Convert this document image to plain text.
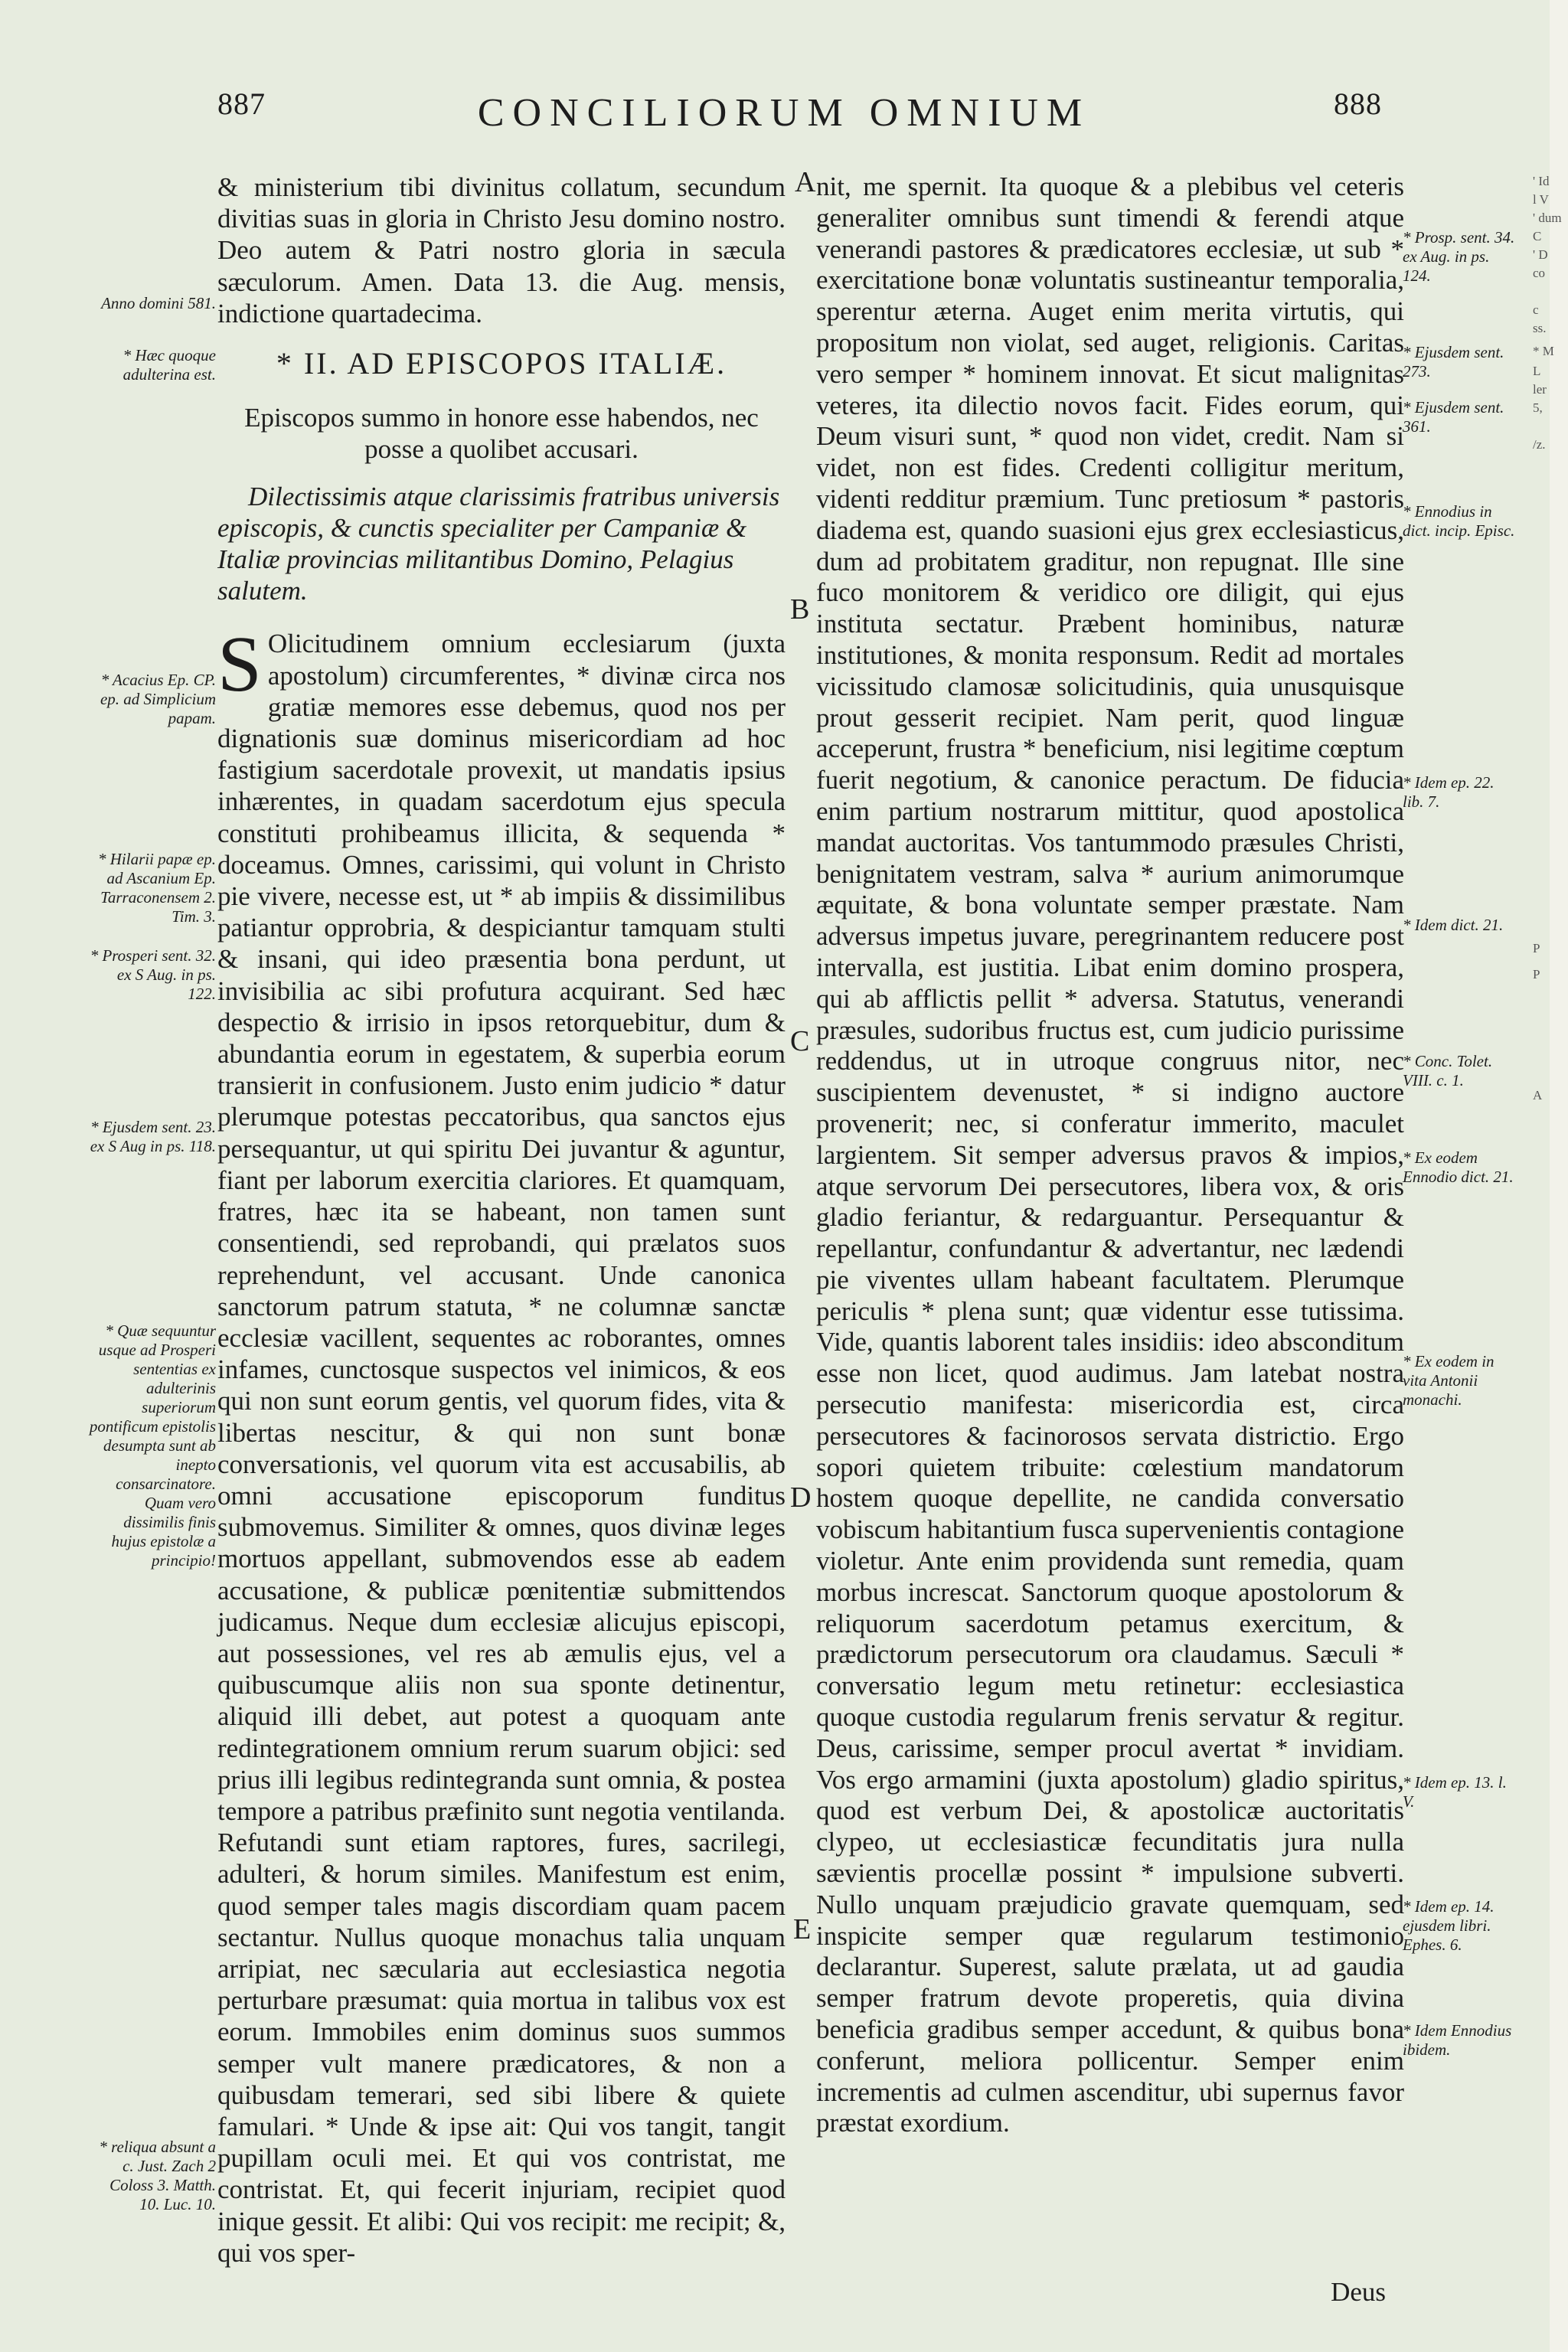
887	CONCILIORUM OMNIUM	888

& ministerium tibi divinitus collatum, secundum divitias suas in gloria in Christo Jesu domino nostro. Deo autem & Patri nostro gloria in sæcula sæculorum. Amen. Data 13. die Aug. mensis, indictione quartadecima.

* II. AD EPISCOPOS ITALIÆ.

Episcopos summo in honore esse habendos, nec posse a quolibet accusari.

Dilectissimis atque clarissimis fratribus universis episcopis, & cunctis specialiter per Campaniæ & Italiæ provincias militantibus Domino, Pelagius salutem.

S Olicitudinem omnium ecclesiarum (juxta apostolum) circumferentes, * divinæ circa nos gratiæ memores esse debemus, quod nos per dignationis suæ dominus misericordiam ad hoc fastigium sacerdotale provexit, ut mandatis ipsius inhærentes, in quadam sacerdotum ejus specula constituti prohibeamus illicita, & sequenda * doceamus. Omnes, carissimi, qui volunt in Christo pie vivere, necesse est, ut * ab impiis & dissimilibus patiantur opprobria, & despiciantur tamquam stulti & insani, qui ideo præsentia bona perdunt, ut invisibilia ac sibi profutura acquirant. Sed hæc despectio & irrisio in ipsos retorquebitur, dum & abundantia eorum in egestatem, & superbia eorum transierit in confusionem. Justo enim judicio * datur plerumque potestas peccatoribus, qua sanctos ejus persequantur, ut qui spiritu Dei juvantur & aguntur, fiant per laborum exercitia clariores. Et quamquam, fratres, hæc ita se habeant, non tamen sunt consentiendi, sed reprobandi, qui prælatos suos reprehendunt, vel accusant. Unde canonica sanctorum patrum statuta, * ne columnæ sanctæ ecclesiæ vacillent, sequentes ac roborantes, omnes infames, cunctosque suspectos vel inimicos, & eos qui non sunt eorum gentis, vel quorum fides, vita & libertas nescitur, & qui non sunt bonæ conversationis, vel quorum vita est accusabilis, ab omni accusatione episcoporum funditus submovemus. Similiter & omnes, quos divinæ leges mortuos appellant, submovendos esse ab eadem accusatione, & publicæ pœnitentiæ submittendos judicamus. Neque dum ecclesiæ alicujus episcopi, aut possessiones, vel res ab æmulis ejus, vel a quibuscumque aliis non sua sponte detinentur, aliquid illi debet, aut potest a quoquam ante redintegrationem omnium rerum suarum objici: sed prius illi legibus redintegranda sunt omnia, & postea tempore a patribus præfinito sunt negotia ventilanda. Refutandi sunt etiam raptores, fures, sacrilegi, adulteri, & horum similes. Manifestum est enim, quod semper tales magis discordiam quam pacem sectantur. Nullus quoque monachus talia unquam arripiat, nec sæcularia aut ecclesiastica negotia perturbare præsumat: quia mortua in talibus vox est eorum. Immobiles enim dominus suos summos semper vult manere prædicatores, & non a quibusdam temerari, sed sibi libere & quiete famulari. * Unde & ipse ait: Qui vos tangit, tangit pupillam oculi mei. Et qui vos contristat, me contristat. Et, qui fecerit injuriam, recipiet quod inique gessit. Et alibi: Qui vos recipit: me recipit; &, qui vos sper-

nit, me spernit. Ita quoque & a plebibus vel ceteris generaliter omnibus sunt timendi & ferendi atque venerandi pastores & prædicatores ecclesiæ, ut sub * exercitatione bonæ voluntatis sustineantur temporalia, sperentur æterna. Auget enim merita virtutis, qui propositum non violat, sed auget, religionis. Caritas vero semper * hominem innovat. Et sicut malignitas veteres, ita dilectio novos facit. Fides eorum, qui Deum visuri sunt, * quod non videt, credit. Nam si videt, non est fides. Credenti colligitur meritum, videnti redditur præmium. Tunc pretiosum * pastoris diadema est, quando suasioni ejus grex ecclesiasticus, dum ad probitatem graditur, non repugnat. Ille sine fuco monitorem & veridico ore diligit, qui ejus instituta sectatur. Præbent hominibus, naturæ institutiones, & monita responsum. Redit ad mortales vicissitudo clamosæ solicitudinis, quia unusquisque prout gesserit recipiet. Nam perit, quod linguæ acceperunt, frustra * beneficium, nisi legitime cœptum fuerit negotium, & canonice peractum. De fiducia enim partium nostrarum mittitur, quod apostolica mandat auctoritas. Vos tantummodo præsules Christi, benignitatem vestram, salva * aurium animorumque æquitate, & bona voluntate semper præstate. Nam adversus impetus juvare, peregrinantem reducere post intervalla, est justitia. Libat enim domino prospera, qui ab afflictis pellit * adversa. Statutus, venerandi præsules, sudoribus fructus est, cum judicio purissime reddendus, ut in utroque congruus nitor, nec suscipientem devenustet, * si indigno auctore provenerit; nec, si conferatur immerito, maculet largientem. Sit semper adversus pravos & impios, atque servorum Dei persecutores, libera vox, & oris gladio feriantur, & redarguantur. Persequantur & repellantur, confundantur & advertantur, nec lædendi pie viventes ullam habeant facultatem. Plerumque periculis * plena sunt; quæ videntur esse tutissima. Vide, quantis laborent tales insidiis: ideo absconditum esse non licet, quod audimus. Jam latebat nostra persecutio manifesta: misericordia est, circa persecutores & facinorosos servata districtio. Ergo sopori quietem tribuite: cœlestium mandatorum hostem quoque depellite, ne candida conversatio vobiscum habitantium fusca supervenientis contagione violetur. Ante enim providenda sunt remedia, quam morbus increscat. Sanctorum quoque apostolorum & reliquorum sacerdotum petamus exercitum, & prædictorum persecutorum ora claudamus. Sæculi * conversatio legum metu retinetur: ecclesiastica quoque custodia regularum frenis servatur & regitur. Deus, carissime, semper procul avertat * invidiam. Vos ergo armamini (juxta apostolum) gladio spiritus, quod est verbum Dei, & apostolicæ auctoritatis clypeo, ut ecclesiasticæ fecunditatis jura nulla sævientis procellæ possint * impulsione subverti. Nullo unquam præjudicio gravate quemquam, sed inspicite semper quæ regularum testimonio declarantur. Superest, salute prælata, ut ad gaudia semper fratrum devote properetis, quia divina beneficia gradibus semper accedunt, & quibus bona conferunt, meliora pollicentur. Semper enim incrementis ad culmen ascenditur, ubi supernus favor præstat exordium.

A
B
C
D
E
Anno domini 581.
* Hæc quoque adulterina est.
* Acacius Ep. CP. ep. ad Simplicium papam.
* Hilarii papæ ep. ad Ascanium Ep. Tarraconensem 2. Tim. 3.
* Prosperi sent. 32. ex S Aug. in ps. 122.
* Ejusdem sent. 23. ex S Aug in ps. 118.
* Quæ sequuntur usque ad Prosperi sententias ex adulterinis superiorum pontificum epistolis desumpta sunt ab inepto consarcinatore. Quam vero dissimilis finis hujus epistolæ a principio!
* reliqua absunt a c. Just. Zach 2 Coloss 3. Matth. 10. Luc. 10.
* Prosp. sent. 34. ex Aug. in ps. 124.
* Ejusdem sent. 273.
* Ejusdem sent. 361.
* Ennodius in dict. incip. Episc.
* Idem ep. 22. lib. 7.
* Idem dict. 21.
* Conc. Tolet. VIII. c. 1.
* Ex eodem Ennodio dict. 21.
* Ex eodem in vita Antonii monachi.
* Idem ep. 13. l. V.
* Idem ep. 14. ejusdem libri. Ephes. 6.
* Idem Ennodius ibidem.
' Id
l V
' dum
C
' D
co
c
ss.
* M
L
ler
5,
/z.
P
P
A
Deus
